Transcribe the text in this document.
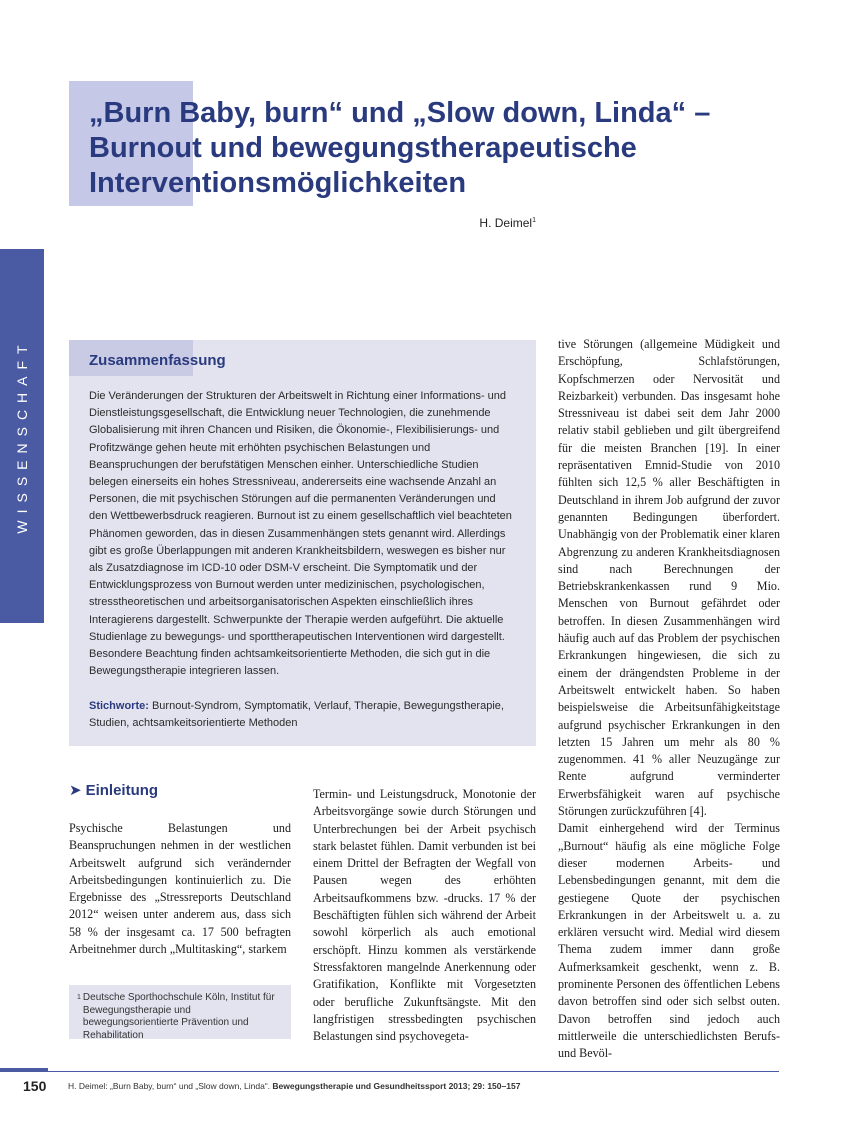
„Burn Baby, burn“ und „Slow down, Linda“ –
Burnout und bewegungstherapeutische
Interventionsmöglichkeiten
H. Deimel$^1$
WISSENSCHAFT	Zusammenfassung

Die Veränderungen der Strukturen der Arbeitswelt in Richtung einer Informations- und Dienstleistungsgesellschaft, die Entwicklung neuer Technologien, die zunehmende Globalisierung mit ihren Chancen und Risiken, die Ökonomie-, Flexibilisierungs- und Profitzwänge gehen heute mit erhöhten psychischen Belastungen und Beanspruchungen der berufstätigen Menschen einher. Unterschiedliche Studien belegen einerseits ein hohes Stressniveau, andererseits eine wachsende Anzahl an Personen, die mit psychischen Störungen auf die permanenten Veränderungen und den Wettbewerbsdruck reagieren. Burnout ist zu einem gesellschaftlich viel beachteten Phänomen geworden, das in diesen Zusammenhängen stets genannt wird. Allerdings gibt es große Überlappungen mit anderen Krankheitsbildern, weswegen es bisher nur als Zusatzdiagnose im ICD-10 oder DSM-V erscheint. Die Symptomatik und der Entwicklungsprozess von Burnout werden unter medizinischen, psychologischen, stresstheoretischen und arbeitsorganisatorischen Aspekten einschließlich ihres Interagierens dargestellt. Schwerpunkte der Therapie werden aufgeführt. Die aktuelle Studienlage zu bewegungs- und sporttherapeutischen Interventionen wird dargestellt. Besondere Beachtung finden achtsamkeitsorientierte Methoden, die sich gut in die Bewegungstherapie integrieren lassen.

Stichworte: Burnout-Syndrom, Symptomatik, Verlauf, Therapie, Bewegungstherapie, Studien, achtsamkeitsorientierte Methoden

➤ Einleitung

Psychische Belastungen und Beanspruchungen nehmen in der westlichen Arbeitswelt aufgrund sich verändernder Arbeitsbedingungen kontinuierlich zu. Die Ergebnisse des „Stressreports Deutschland 2012“ weisen unter anderem aus, dass sich 58 % der insgesamt ca. 17 500 befragten Arbeitnehmer durch „Multitasking“, starkem

Termin- und Leistungsdruck, Monotonie der Arbeitsvorgänge sowie durch Störungen und Unterbrechungen bei der Arbeit psychisch stark belastet fühlen. Damit verbunden ist bei einem Drittel der Befragten der Wegfall von Pausen wegen des erhöhten Arbeitsaufkommens bzw. -drucks. 17 % der Beschäftigten fühlen sich während der Arbeit sowohl körperlich als auch emotional erschöpft. Hinzu kommen als verstärkende Stressfaktoren mangelnde Anerkennung oder Gratifikation, Konflikte mit Vorgesetzten oder berufliche Zukunftsängste. Mit den langfristigen stressbedingten psychischen Belastungen sind psychovegeta-

tive Störungen (allgemeine Müdigkeit und Erschöpfung, Schlafstörungen, Kopfschmerzen oder Nervosität und Reizbarkeit) verbunden. Das insgesamt hohe Stressniveau ist dabei seit dem Jahr 2000 relativ stabil geblieben und gilt übergreifend für die meisten Branchen [19]. In einer repräsentativen Emnid-Studie von 2010 fühlten sich 12,5 % aller Beschäftigten in Deutschland in ihrem Job aufgrund der zuvor genannten Bedingungen überfordert. Unabhängig von der Problematik einer klaren Abgrenzung zu anderen Krankheitsdiagnosen sind nach Berechnungen der Betriebskrankenkassen rund 9 Mio. Menschen von Burnout gefährdet oder betroffen. In diesen Zusammenhängen wird häufig auch auf das Problem der psychischen Erkrankungen hingewiesen, die sich zu einem der drängendsten Probleme in der Arbeitswelt entwickelt haben. So haben beispielsweise die Arbeitsunfähigkeitstage aufgrund psychischer Erkrankungen in den letzten 15 Jahren um mehr als 80 % zugenommen. 41 % aller Neuzugänge zur Rente aufgrund verminderter Erwerbsfähigkeit waren auf psychische Störungen zurückzuführen [4].

Damit einhergehend wird der Terminus „Burnout“ häufig als eine mögliche Folge dieser modernen Arbeits- und Lebensbedingungen genannt, mit dem die gestiegene Quote der psychischen Erkrankungen in der Arbeitswelt u. a. zu erklären versucht wird. Medial wird diesem Thema zudem immer dann große Aufmerksamkeit geschenkt, wenn z. B. prominente Personen des öffentlichen Lebens davon betroffen sind oder sich selbst outen. Davon betroffen sind jedoch auch mittlerweile die unterschiedlichsten Berufs- und Bevöl-

$^1$ Deutsche Sporthochschule Köln, Institut für Bewegungstherapie und bewegungsorientierte Prävention und Rehabilitation
150	H. Deimel: „Burn Baby, burn“ und „Slow down, Linda“. Bewegungstherapie und Gesundheitssport 2013; 29: 150–157
